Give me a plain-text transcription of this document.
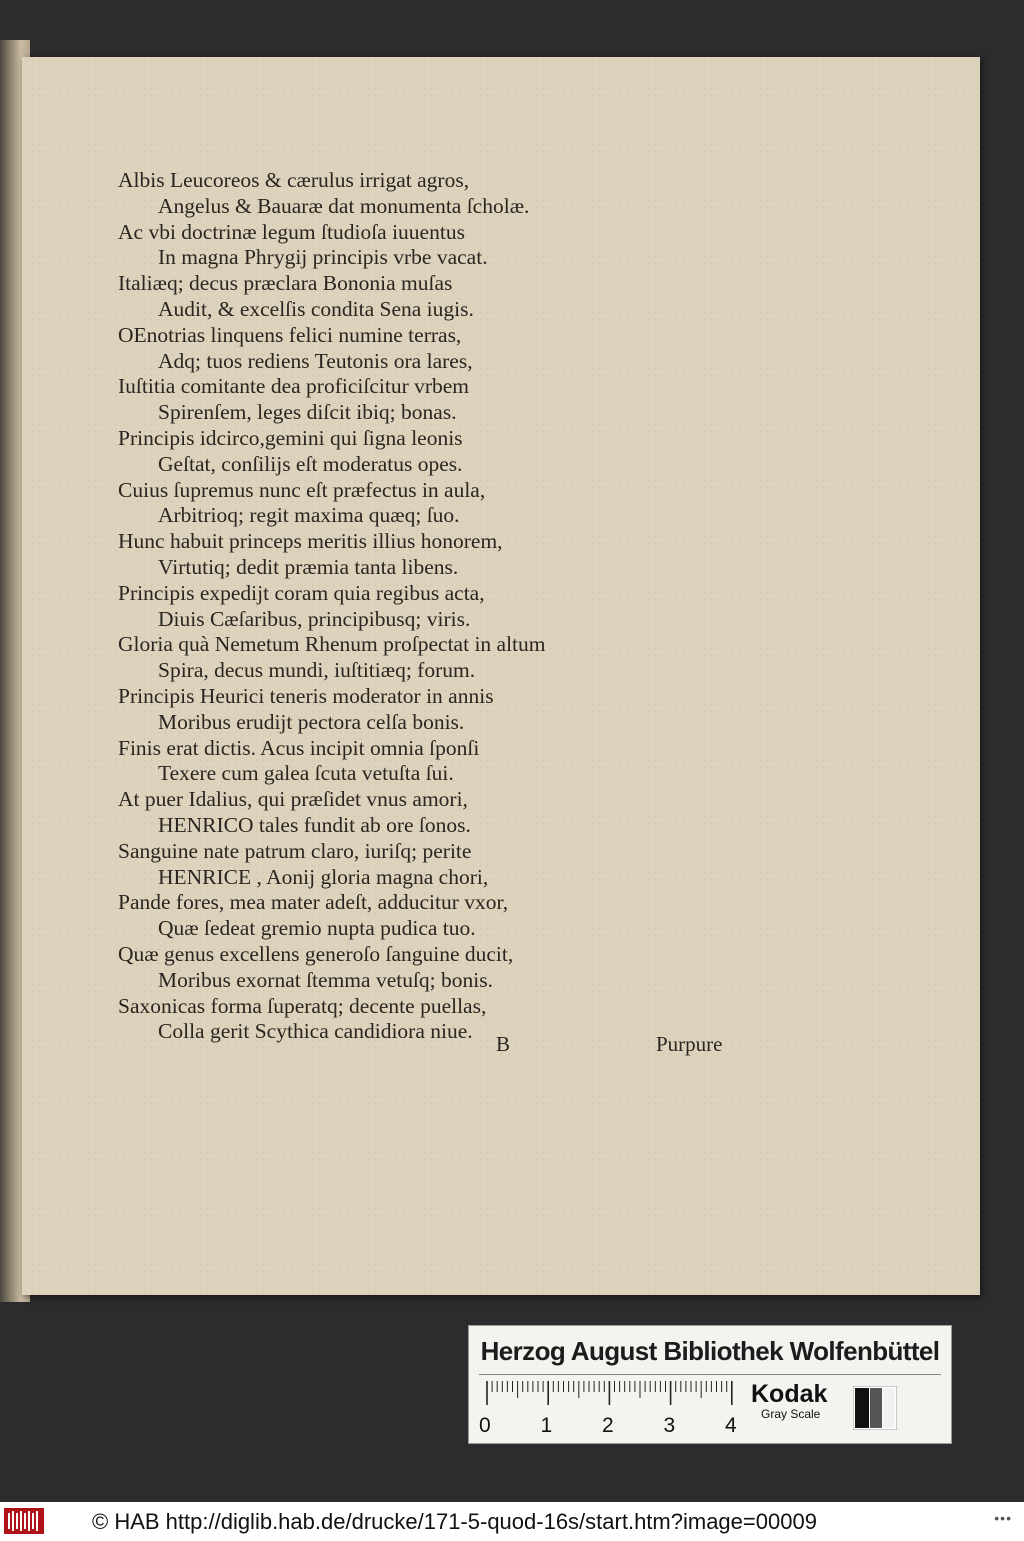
Albis Leucoreos & cærulus irrigat agros,
Angelus & Bauaræ dat monumenta ſcholæ.
Ac vbi doctrinæ legum ſtudioſa iuuentus
In magna Phrygij principis vrbe vacat.
Italiæq; decus præclara Bononia muſas
Audit, & excelſis condita Sena iugis.
OEnotrias linquens felici numine terras,
Adq; tuos rediens Teutonis ora lares,
Iuſtitia comitante dea proficiſcitur vrbem
Spirenſem, leges diſcit ibiq; bonas.
Principis idcirco,gemini qui ſigna leonis
Geſtat, conſilijs eſt moderatus opes.
Cuius ſupremus nunc eſt præfectus in aula,
Arbitrioq; regit maxima quæq; ſuo.
Hunc habuit princeps meritis illius honorem,
Virtutiq; dedit præmia tanta libens.
Principis expedijt coram quia regibus acta,
Diuis Cæſaribus, principibusq; viris.
Gloria quà Nemetum Rhenum proſpectat in altum
Spira, decus mundi, iuſtitiæq; forum.
Principis Heurici teneris moderator in annis
Moribus erudijt pectora celſa bonis.
Finis erat dictis. Acus incipit omnia ſponſi
Texere cum galea ſcuta vetuſta ſui.
At puer Idalius, qui præſidet vnus amori,
HENRICO tales fundit ab ore ſonos.
Sanguine nate patrum claro, iuriſq; perite
HENRICE , Aonij gloria magna chori,
Pande fores, mea mater adeſt, adducitur vxor,
Quæ ſedeat gremio nupta pudica tuo.
Quæ genus excellens generoſo ſanguine ducit,
Moribus exornat ſtemma vetuſq; bonis.
Saxonicas forma ſuperatq; decente puellas,
Colla gerit Scythica candidiora niue.
B	Purpure
Herzog August Bibliothek Wolfenbüttel
0 1 2 3 4
Kodak
Gray Scale
© HAB http://diglib.hab.de/drucke/171-5-quod-16s/start.htm?image=00009	•••
